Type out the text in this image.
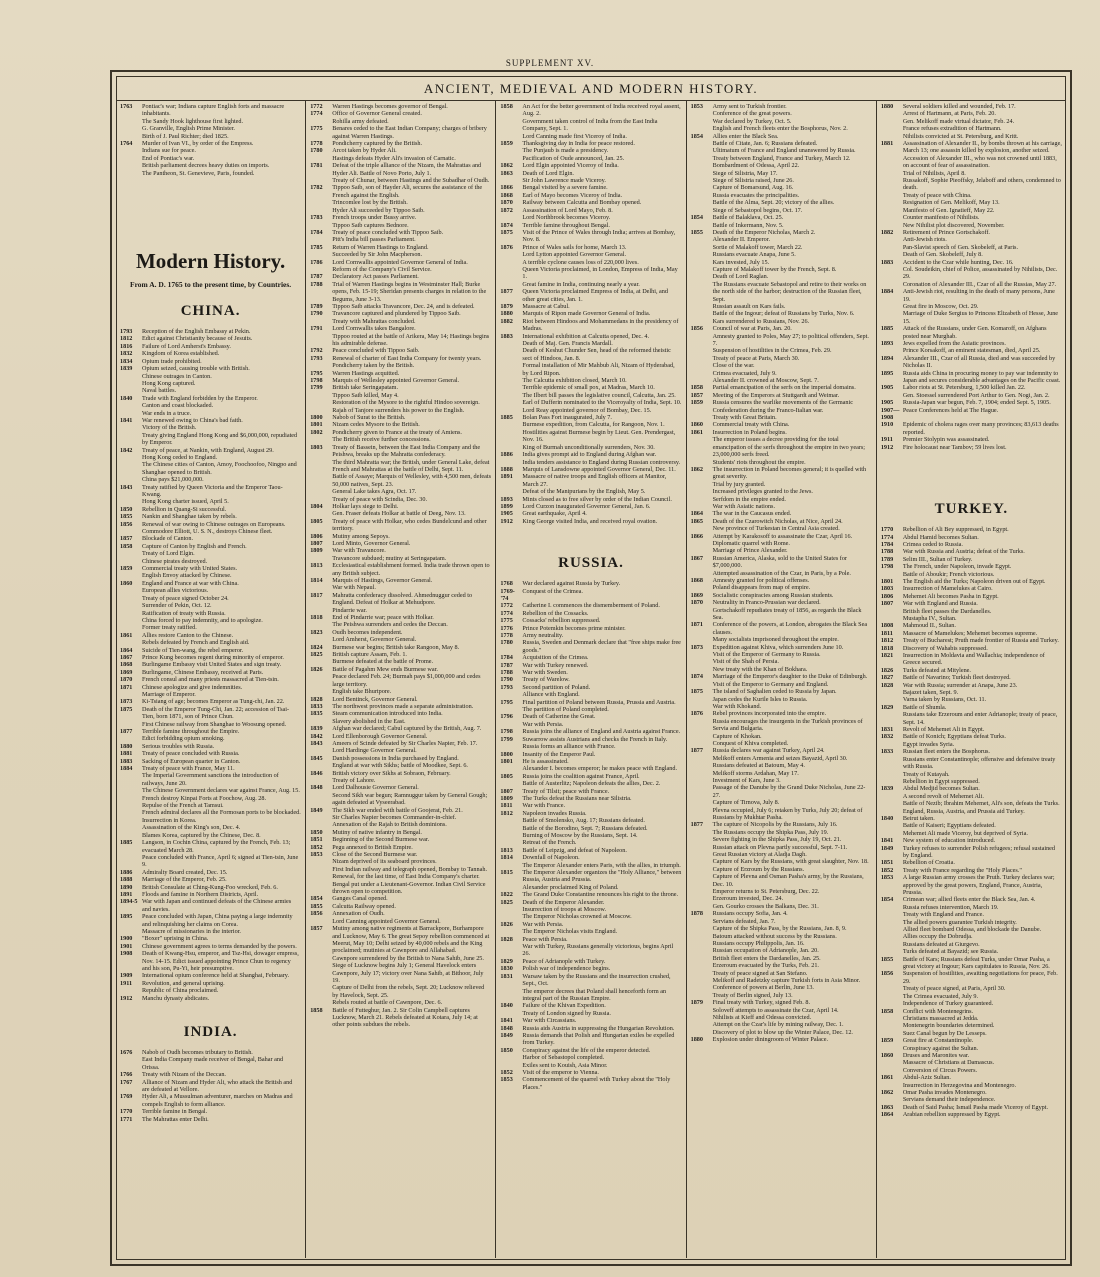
SUPPLEMENT XV.
ANCIENT, MEDIEVAL AND MODERN HISTORY.
1763	Pontiac's war; Indians capture English forts and massacre inhabitants.
The Sandy Hook lighthouse first lighted.
G. Granville, English Prime Minister.
Birth of J. Paul Richter; died 1825.
1764	Murder of Ivan VI., by order of the Empress.
Indians sue for peace.
End of Pontiac's war.
British parliament decrees heavy duties on imports.
The Pantheon, St. Genevieve, Paris, founded.
Modern History.
From A. D. 1765 to the present time, by Countries.
CHINA.
1793	Reception of the English Embassy at Pekin.
1812	Edict against Christianity because of Jesuits.
1816	Failure of Lord Amherst's Embassy.
1832	Kingdom of Korea established.
1834	Opium trade prohibited.
1839	Opium seized, causing trouble with British.
Chinese outrages in Canton.
Hong Kong captured.
Naval battles.
1840	Trade with England forbidden by the Emperor.
Canton and coast blockaded.
War ends in a truce.
1841	War renewed owing to China's bad faith.
Victory of the British.
Treaty giving England Hong Kong and $6,000,000, repudiated by Emperor.
1842	Treaty of peace, at Nankin, with England, August 29.
Hong Kong ceded to England.
The Chinese cities of Canton, Amoy, Foochoofoo, Ningpo and Shanghae opened to British.
China pays $21,000,000.
1843	Treaty ratified by Queen Victoria and the Emperor Taou-Kwang.
Hong Kong charter issued, April 5.
1850	Rebellion in Quang-Si successful.
1855	Nankin and Shanghae taken by rebels.
1856	Renewal of war owing to Chinese outrages on Europeans.
Commodore Elliott, U. S. N., destroys Chinese fleet.
1857	Blockade of Canton.
1858	Capture of Canton by English and French.
Treaty of Lord Elgin.
Chinese pirates destroyed.
1859	Commercial treaty with United States.
English Envoy attacked by Chinese.
1860	England and France at war with China.
European allies victorious.
Treaty of peace signed October 24.
Surrender of Pekin, Oct. 12.
Ratification of treaty with Russia.
China forced to pay indemnity, and to apologize.
Former treaty ratified.
1861	Allies restore Canton to the Chinese.
Rebels defeated by French and English aid.
1864	Suicide of Tien-wang, the rebel emperor.
1867	Prince Kung becomes regent during minority of emperor.
1868	Burlingame Embassy visit United States and sign treaty.
1869	Burlingame, Chinese Embassy, received at Paris.
1870	French consul and many priests massacred at Tien-tsin.
1871	Chinese apologize and give indemnities.
Marriage of Emperor.
1873	Ki-Tsiang of age; becomes Emperor as Tung-chi, Jan. 22.
1875	Death of the Emperor Tung-Chi, Jan. 22; accession of Tsai-Tien, born 1871, son of Prince Chun.
First Chinese railway from Shanghae to Woosung opened.
1877	Terrible famine throughout the Empire.
Edict forbidding opium smoking.
1880	Serious troubles with Russia.
1881	Treaty of peace concluded with Russia.
1883	Sacking of European quarter in Canton.
1884	Treaty of peace with France, May 11.
The Imperial Government sanctions the introduction of railways, June 20.
The Chinese Government declares war against France, Aug. 15.
French destroy Kinpai Forts at Foochow, Aug. 28.
Repulse of the French at Tamsui.
French admiral declares all the Formosan ports to be blockaded.
Insurrection in Korea.
Assassination of the King's son, Dec. 4.
Blames Korea, captured by the Chinese, Dec. 8.
1885	Langson, in Cochin China, captured by the French, Feb. 13; evacuated March 28.
Peace concluded with France, April 6; signed at Tien-tsin, June 9.
1886	Admiralty Board created, Dec. 15.
1888	Marriage of the Emperor, Feb. 25.
1890	British Consulate at Ching-Kung-Foo wrecked, Feb. 6.
1891	Floods and famine in Northern Districts, April.
1894-5 War with Japan and continued defeats of the Chinese armies and navies.
1895	Peace concluded with Japan, China paying a large indemnity and relinquishing her claims on Corea.
Massacre of missionaries in the interior.
1900	"Boxer" uprising in China.
1901	Chinese government agrees to terms demanded by the powers.
1908	Death of Kwang-Hsu, emperor, and Tsz-Hsi, dowager empress, Nov. 14-15. Edict issued appointing Prince Chun to regency and his son, Pu-Yi, heir presumptive.
1909	International opium conference held at Shanghai, February.
1911	Revolution, and general uprising.
Republic of China proclaimed.
1912	Manchu dynasty abdicates.
INDIA.
1676	Nabob of Oudh becomes tributary to British.
East India Company made receiver of Bengal, Bahar and Orissa.
1766	Treaty with Nizam of the Deccan.
1767	Alliance of Nizam and Hyder Ali, who attack the British and are defeated at Vellore.
1769	Hyder Ali, a Mussulman adventurer, marches on Madras and compels English to form alliance.
1770	Terrible famine in Bengal.
1771	The Mahrattas enter Delhi.
1772	Warren Hastings becomes governor of Bengal.
1774	Office of Governor General created.
Rohilla army defeated.
1775	Benares ceded to the East Indian Company; charges of bribery against Warren Hastings.
1778	Pondicherry captured by the British.
1780	Arcot taken by Hyder Ali.
Hastings defeats Hyder Ali's invasion of Carnatic.
1781	Defeat of the triple alliance of the Nizam, the Mahrattas and Hyder Ali. Battle of Novo Porto, July 1.
Treaty of Chunar, between Hastings and the Subadhar of Oudh.
1782	Tippoo Saib, son of Hayder Ali, secures the assistance of the French against the English.
Trincomlee lost by the British.
Hyder Ali succeeded by Tippoo Saib.
1783	French troops under Bussy arrive.
Tippoo Saib captures Bednore.
1784	Treaty of peace concluded with Tippoo Saib.
Pitt's India bill passes Parliament.
1785	Return of Warren Hastings to England.
Succeeded by Sir John Macpherson.
1786	Lord Cornwallis appointed Governor General of India.
Reform of the Company's Civil Service.
1787	Declaratory Act passes Parliament.
1788	Trial of Warren Hastings begins in Westminster Hall; Burke opens, Feb. 15-19; Sheridan presents charges in relation to the Begums, June 3-13.
1789	Tippoo Saib attacks Travancore, Dec. 24, and is defeated.
1790	Travancore captured and plundered by Tippoo Saib.
Treaty with Mahrattas concluded.
1791	Lord Cornwallis takes Bangalore.
Tippoo routed at the battle of Arikera, May 14; Hastings begins his admirable defense.
1792	Peace concluded with Tippoo Saib.
1793	Renewal of charter of East India Company for twenty years.
Pondicherry taken by the British.
1795	Warren Hastings acquitted.
1798	Marquis of Wellesley appointed Governor General.
1799	British take Seringapatam.
Tippoo Saib killed, May 4.
Restoration of the Mysore to the rightful Hindoo sovereign.
Rajah of Tanjore surrenders his power to the English.
1800	Nabob of Surat to the British.
1801	Nizam cedes Mysore to the British.
1802	Pondicherry given to France at the treaty of Amiens.
The British receive further concessions.
1803	Treaty of Bassein, between the East India Company and the Peishwa, breaks up the Mahratta confederacy.
The third Mahratta war; the British, under General Lake, defeat French and Mahrattas at the battle of Delhi, Sept. 11.
Battle of Assaye; Marquis of Wellesley, with 4,500 men, defeats 50,000 natives, Sept. 23.
General Lake takes Agra, Oct. 17.
Treaty of peace with Scindia, Dec. 30.
1804	Holkar lays siege to Delhi.
Gen. Fraser defeats Holkar at battle of Deeg, Nov. 13.
1805	Treaty of peace with Holkar, who cedes Bundelcund and other territory.
1806	Mutiny among Sepoys.
1807	Lord Minto, Governor General.
1809	War with Travancore.
Travancore subdued; mutiny at Seringapatam.
1813	Ecclesiastical establishment formed. India trade thrown open to any British subject.
1814	Marquis of Hastings, Governor General.
War with Nepaul.
1817	Mahratta confederacy dissolved. Ahmednuggur ceded to England. Defeat of Holkar at Mehudpore.
Pindarrie war.
1818	End of Pindarrie war; peace with Holkar.
The Peishwa surrenders and cedes the Deccan.
1823	Oudh becomes independent.
Lord Amherst, Governor General.
1824	Burmese war begins; British take Rangoon, May 8.
1825	British capture Assam, Feb. 1.
Burmese defeated at the battle of Prome.
1826	Battle of Pagahm Mew ends Burmese war.
Peace declared Feb. 24; Burmah pays $1,000,000 and cedes large territory.
English take Bhurtpore.
1828	Lord Bentinck, Governor General.
1833	The northwest provinces made a separate administration.
1835	Steam communication introduced into India.
Slavery abolished in the East.
1839	Afghan war declared; Cabul captured by the British, Aug. 7.
1842	Lord Ellenborough Governor General.
1843	Ameers of Scinde defeated by Sir Charles Napier, Feb. 17.
Lord Hardinge Governor General.
1845	Danish possessions in India purchased by England.
England at war with Sikhs; battle of Moodkee, Sept. 6.
1846	British victory over Sikhs at Sobraon, February.
Treaty of Lahore.
1848	Lord Dalhousie Governor General.
Second Sikh war begun; Ramnuggur taken by General Gough; again defeated at Vyseerabad.
1849	The Sikh war ended with battle of Goojerat, Feb. 21.
Sir Charles Napier becomes Commander-in-chief.
Annexation of the Rajah to British dominions.
1850	Mutiny of native infantry in Bengal.
1851	Beginning of the Second Burmese war.
1852	Pegu annexed to British Empire.
1853	Close of the Second Burmese war.
Nizam deprived of its seaboard provinces.
First Indian railway and telegraph opened, Bombay to Tannah.
Renewal, for the last time, of East India Company's charter.
Bengal put under a Lieutenant-Governor. Indian Civil Service thrown open to competition.
1854	Ganges Canal opened.
1855	Calcutta Railway opened.
1856	Annexation of Oudh.
Lord Canning appointed Governor General.
1857	Mutiny among native regiments at Barrackpore, Burhampore and Lucknow, May 6. The great Sepoy rebellion commenced at Meerut, May 10; Delhi seized by 40,000 rebels and the King proclaimed; mutinies at Cawnpore and Allahabad.
Cawnpore surrendered by the British to Nana Sahib, June 25.
Siege of Lucknow begins July 1; General Havelock enters Cawnpore, July 17; victory over Nana Sahib, at Bithoor, July 19.
Capture of Delhi from the rebels, Sept. 20; Lucknow relieved by Havelock, Sept. 25.
Rebels routed at battle of Cawnpore, Dec. 6.
1858	Battle of Futteghur, Jan. 2. Sir Colin Campbell captures Lucknow, March 21. Rebels defeated at Kotara, July 14; at other points subdues the rebels.
1858	An Act for the better government of India received royal assent, Aug. 2.
Government taken control of India from the East India Company, Sept. 1.
Lord Canning made first Viceroy of India.
1859	Thanksgiving day in India for peace restored.
The Punjaub is made a presidency.
Pacification of Oude announced, Jan. 25.
1862	Lord Elgin appointed Viceroy of India.
1863	Death of Lord Elgin.
Sir John Lawrence made Viceroy.
1866	Bengal visited by a severe famine.
1868	Earl of Mayo becomes Viceroy of India.
1870	Railway between Calcutta and Bombay opened.
1872	Assassination of Lord Mayo, Feb. 8.
Lord Northbrook becomes Viceroy.
1874	Terrible famine throughout Bengal.
1875	Visit of the Prince of Wales through India; arrives at Bombay, Nov. 8.
1876	Prince of Wales sails for home, March 13.
Lord Lytton appointed Governor General.
A terrible cyclone causes loss of 220,000 lives.
Queen Victoria proclaimed, in London, Empress of India, May 1.
Great famine in India, continuing nearly a year.
1877	Queen Victoria proclaimed Empress of India, at Delhi, and other great cities, Jan. 1.
1879	Massacre at Cabul.
1880	Marquis of Ripon made Governor General of India.
1882	Riot between Hindoos and Mohammedans in the presidency of Madras.
1883	International exhibition at Calcutta opened, Dec. 4.
Death of Maj. Gen. Francis Mardall.
Death of Keshut Chunder Sen, head of the reformed theistic sect of Hindoos, Jan. 8.
Formal installation of Mir Mahbub Ali, Nizam of Hyderabad, by Lord Ripon.
The Calcutta exhibition closed, March 10.
Terrible epidemic of small pox, at Madras, March 10.
The Ilbert bill passes the legislative council, Calcutta, Jan. 25.
Earl of Dufferin nominated to the Viceroyalty of India, Sept. 10.
Lord Reay appointed governor of Bombay, Dec. 15.
1885	Bolan Pass Fort inaugurated, July 7.
Burmese expedition, from Calcutta, for Rangoon, Nov. 1.
Hostilities against Burmese begin by Lieut. Gen. Prendergast, Nov. 16.
King of Burmah unconditionally surrenders, Nov. 30.
1886	India gives prompt aid to England during Afghan war.
India tenders assistance to England during Russian controversy.
1888	Marquis of Lansdowne appointed Governor General, Dec. 11.
1891	Massacre of native troops and English officers at Manitor, March 27.
Defeat of the Manipurians by the English, May 5.
1893	Mints closed as to free silver by order of the Indian Council.
1899	Lord Curzon inaugurated Governor General, Jan. 6.
1905	Great earthquake, April 4.
1912	King George visited India, and received royal ovation.
RUSSIA.
1768	War declared against Russia by Turkey.
1769-'74
Conquest of the Crimea.
1772	Catherine I. commences the dismemberment of Poland.
1774	Rebellion of the Cossacks.
1775	Cossacks' rebellion suppressed.
1776	Prince Potemkin becomes prime minister.
1778	Army neutrality.
1780	Russia, Sweden and Denmark declare that "free ships make free goods."
1784	Acquisition of the Crimea.
1787	War with Turkey renewed.
1788	War with Sweden.
1790	Treaty of Warelow.
1793	Second partition of Poland.
Alliance with England.
1795	Final partition of Poland between Russia, Prussia and Austria.
The partition of Poland completed.
1796	Death of Catherine the Great.
War with Persia.
1798	Russia joins the alliance of England and Austria against France.
1799	Suwarrow assists Austrians and checks the French in Italy.
Russia forms an alliance with France.
1800	Insanity of the Emperor Paul.
1801	He is assassinated.
Alexander I. becomes emperor; he makes peace with England.
1805	Russia joins the coalition against France, April.
Battle of Austerlitz; Napoleon defeats the allies, Dec. 2.
1807	Treaty of Tilsit; peace with France.
1809	The Turks defeat the Russians near Silistria.
1811	War with France.
1812	Napoleon invades Russia.
Battle of Smolensko, Aug. 17; Russians defeated.
Battle of the Borodino, Sept. 7; Russians defeated.
Burning of Moscow by the Russians, Sept. 14.
Retreat of the French.
1813	Battle of Leipzig, and defeat of Napoleon.
1814	Downfall of Napoleon.
The Emperor Alexander enters Paris, with the allies, in triumph.
1815	The Emperor Alexander organizes the "Holy Alliance," between Russia, Austria and Prussia.
Alexander proclaimed King of Poland.
1822	The Grand Duke Constantine renounces his right to the throne.
1825	Death of the Emperor Alexander.
Insurrection of troops at Moscow.
The Emperor Nicholas crowned at Moscow.
1826	War with Persia.
The Emperor Nicholas visits England.
1828	Peace with Persia.
War with Turkey, Russians generally victorious, begins April 26.
1829	Peace of Adrianople with Turkey.
1830	Polish war of independence begins.
1831	Warsaw taken by the Russians and the insurrection crushed, Sept., Oct.
The emperor decrees that Poland shall henceforth form an integral part of the Russian Empire.
1840	Failure of the Khivan Expedition.
Treaty of London signed by Russia.
1841	War with Circassians.
1848	Russia aids Austria in suppressing the Hungarian Revolution.
1849	Russia demands that Polish and Hungarian exiles be expelled from Turkey.
1850	Conspiracy against the life of the emperor detected.
Harbor of Sebastopol completed.
Exiles sent to Kouish, Asia Minor.
1852	Visit of the emperor to Vienna.
1853	Commencement of the quarrel with Turkey about the "Holy Places."
1853	Army sent to Turkish frontier.
Conference of the great powers.
War declared by Turkey, Oct. 5.
English and French fleets enter the Bosphorus, Nov. 2.
1854	Allies enter the Black Sea.
Battle of Citate, Jan. 6; Russians defeated.
Ultimatum of France and England unanswered by Russia.
Treaty between England, France and Turkey, March 12.
Bombardment of Odessa, April 22.
Siege of Silistria, May 17.
Siege of Silistria raised, June 26.
Capture of Bomarsund, Aug. 16.
Russia evacuates the principalities.
Battle of the Alma, Sept. 20; victory of the allies.
Siege of Sebastopol begins, Oct. 17.
1854	Battle of Balaklava, Oct. 25.
Battle of Inkermann, Nov. 5.
1855	Death of the Emperor Nicholas, March 2.
Alexander II. Emperor.
Sortie of Malakoff tower, March 22.
Russians evacuate Anapa, June 5.
Kars invested, July 15.
Capture of Malakoff tower by the French, Sept. 8.
Death of Lord Raglan.
The Russians evacuate Sebastopol and retire to their works on the north side of the harbor; destruction of the Russian fleet, Sept.
Russian assault on Kars fails.
Battle of the Ingour; defeat of Russians by Turks, Nov. 6.
Kars surrendered to Russians, Nov. 26.
1856	Council of war at Paris, Jan. 20.
Amnesty granted to Poles, May 27; to political offenders, Sept. 7.
Suspension of hostilities in the Crimea, Feb. 29.
Treaty of peace at Paris, March 30.
Close of the war.
Crimea evacuated, July 9.
Alexander II. crowned at Moscow, Sept. 7.
1858	Partial emancipation of the serfs on the imperial domains.
1857	Meeting of the Emperors at Stuttgardt and Weimar.
1859	Russia censures the warlike movements of the Germanic Confederation during the Franco-Italian war.
Treaty with Great Britain.
1860	Commercial treaty with China.
1861	Insurrection in Poland begins.
The emperor issues a decree providing for the total emancipation of the serfs throughout the empire in two years; 23,000,000 serfs freed.
Students' riots throughout the empire.
1862	The insurrection in Poland becomes general; it is quelled with great severity.
Trial by jury granted.
Increased privileges granted to the Jews.
Serfdom in the empire ended.
War with Asiatic nations.
1864	The war in the Caucasus ended.
1865	Death of the Czarowitch Nicholas, at Nice, April 24.
New province of Turkestan in Central Asia created.
1866	Attempt by Karakosoff to assassinate the Czar, April 16.
Diplomatic quarrel with Rome.
Marriage of Prince Alexander.
1867	Russian America, Alaska, sold to the United States for $7,000,000.
Attempted assassination of the Czar, in Paris, by a Pole.
1868	Amnesty granted for political offenses.
Poland disappears from map of empire.
1869	Socialistic conspiracies among Russian students.
1870	Neutrality in Franco-Prussian war declared.
Gortschakoff repudiates treaty of 1856, as regards the Black Sea.
1871	Conference of the powers, at London, abrogates the Black Sea clauses.
Many socialists imprisoned throughout the empire.
1873	Expedition against Khiva, which surrenders June 10.
Visit of the Emperor of Germany to Russia.
Visit of the Shah of Persia.
New treaty with the Khan of Bokhara.
1874	Marriage of the Emperor's daughter to the Duke of Edinburgh.
Visit of the Emperor to Germany and England.
1875	The island of Saghalien ceded to Russia by Japan.
Japan cedes the Kurile Isles to Russia.
War with Khokand.
1876	Rebel provinces incorporated into the empire.
Russia encourages the insurgents in the Turkish provinces of Servia and Bulgaria.
Capture of Khokan.
Conquest of Khiva completed.
1877	Russia declares war against Turkey, April 24.
Melikoff enters Armenia and seizes Bayazid, April 30.
Russians defeated at Batoum, May 4.
Melikoff storms Ardahan, May 17.
Investment of Kars, June 3.
Passage of the Danube by the Grand Duke Nicholas, June 22-27.
Capture of Tirnova, July 8.
Plevna occupied, July 6; retaken by Turks, July 20; defeat of Russians by Mukhtar Pasha.
1877	The capture of Nicopolis by the Russians, July 16.
The Russians occupy the Shipka Pass, July 19.
Severe fighting in the Shipka Pass, July 19, Oct. 21.
Russian attack on Plevna partly successful, Sept. 7-11.
Great Russian victory at Aladja Dagh.
Capture of Kars by the Russians, with great slaughter, Nov. 18.
Capture of Erzroum by the Russians.
Capture of Plevna and Osman Pasha's army, by the Russians, Dec. 10.
Emperor returns to St. Petersburg, Dec. 22.
Erzeroum invested, Dec. 24.
Gen. Gourko crosses the Balkans, Dec. 31.
1878	Russians occupy Sofia, Jan. 4.
Servians defeated, Jan. 7.
Capture of the Shipka Pass, by the Russians, Jan. 8, 9.
Batoum attacked without success by the Russians.
Russians occupy Philippolis, Jan. 16.
Russian occupation of Adrianople, Jan. 20.
British fleet enters the Dardanelles, Jan. 25.
Erzeroum evacuated by the Turks, Feb. 21.
Treaty of peace signed at San Stefano.
Melikoff and Radetzky capture Turkish forts in Asia Minor.
Conference of powers at Berlin, June 13.
Treaty of Berlin signed, July 13.
1879	Final treaty with Turkey, signed Feb. 8.
Soloveff attempts to assassinate the Czar, April 14.
Nihilists at Kieff and Odessa convicted.
Attempt on the Czar's life by mining railway, Dec. 1.
Discovery of plot to blow up the Winter Palace, Dec. 12.
1880	Explosion under diningroom of Winter Palace.
1880	Several soldiers killed and wounded, Feb. 17.
Arrest of Hartmann, at Paris, Feb. 20.
Gen. Melikoff made virtual dictator, Feb. 24.
France refuses extradition of Hartmann.
Nihilists convicted at St. Petersburg, and Kritt.
1881	Assassination of Alexander II., by bombs thrown at his carriage, March 13; one assassin killed by explosion, another seized.
Accession of Alexander III., who was not crowned until 1883, on account of fear of assassination.
Trial of Nihilists, April 8.
Russakoff, Sophie Pieoffsky, Jelaboff and others, condemned to death.
Treaty of peace with China.
Resignation of Gen. Melikoff, May 13.
Manifesto of Gen. Ignatieff, May 22.
Counter manifesto of Nihilists.
New Nihilist plot discovered, November.
1882	Retirement of Prince Gortschakoff.
Anti-Jewish riots.
Pan-Slavist speech of Gen. Skobeleff, at Paris.
Death of Gen. Skobeleff, July 8.
1883	Accident to the Czar while hunting, Dec. 16.
Col. Soudeikin, chief of Police, assassinated by Nihilists, Dec. 29.
Coronation of Alexander III., Czar of all the Russias, May 27.
1884	Anti-Jewish riot, resulting in the death of many persons, June 19.
Great fire in Moscow, Oct. 29.
Marriage of Duke Sergius to Princess Elizabeth of Hesse, June 15.
1885	Attack of the Russians, under Gen. Komaroff, on Afghans posted near Murghab.
1893	Jews expelled from the Asiatic provinces.
Prince Korsakoff, an eminent statesman, died, April 25.
1894	Alexander III., Czar of all Russia, died and was succeeded by Nicholas II.
1895	Russia aids China in procuring money to pay war indemnity to Japan and secures considerable advantages on the Pacific coast.
1905	Labor riots at St. Petersburg, 1,500 killed Jan. 22.
Gen. Stoessel surrendered Port Arthur to Gen. Nogi, Jan. 2.
1905	Russia-Japan war begun, Feb. 7, 1904; ended Sept. 5, 1905.
1907—1908
Peace Conferences held at The Hague.
1910	Epidemic of cholera rages over many provinces; 83,613 deaths reported.
1911	Premier Stolypin was assassinated.
1912	Fire holocaust near Tambov; 59 lives lost.
TURKEY.
1770	Rebellion of Ali Bey suppressed, in Egypt.
1774	Abdul Hamid becomes Sultan.
1784	Crimea ceded to Russia.
1788	War with Russia and Austria; defeat of the Turks.
1789	Selim III., Sultan of Turkey.
1798	The French, under Napoleon, invade Egypt.
Battle of Aboukir; French victorious.
1801	The English aid the Turks; Napoleon driven out of Egypt.
1803	Insurrection of Mamelukes at Cairo.
1806	Mehemet Ali becomes Pasha in Egypt.
1807	War with England and Russia.
British fleet passes the Dardanelles.
Mustapha IV., Sultan.
1808	Mahmoud II., Sultan.
1811	Massacre of Mamelukes; Mehemet becomes supreme.
1812	Treaty of Bucharest; Pruth made frontier of Russia and Turkey.
1818	Discovery of Wahabis suppressed.
1821	Insurrection in Moldavia and Wallachia; independence of Greece secured.
1826	Turks defeated at Mitylene.
1827	Battle of Navarino; Turkish fleet destroyed.
1828	War with Russia; surrender at Anapa, June 23.
Bajazet taken, Sept. 9.
Varna taken by Russians, Oct. 11.
1829	Battle of Shumla.
Russians take Erzeroum and enter Adrianople; treaty of peace, Sept. 14.
1831	Revolt of Mehemet Ali in Egypt.
1832	Battle of Konich; Egyptians defeat Turks.
Egypt invades Syria.
1833	Russian fleet enters the Bosphorus.
Russians enter Constantinople; offensive and defensive treaty with Russia.
Treaty of Kutayah.
Rebellion in Egypt suppressed.
1839	Abdul Medjid becomes Sultan.
A second revolt of Mehemet Ali.
Battle of Nezib; Ibrahim Mehemet, Ali's son, defeats the Turks.
England, Russia, Austria, and Prussia aid Turkey.
1840	Beirut taken.
Battle of Kaiseri; Egyptians defeated.
Mehemet Ali made Viceroy, but deprived of Syria.
1841	New system of education introduced.
1849	Turkey refuses to surrender Polish refugees; refusal sustained by England.
1851	Rebellion of Croatia.
1852	Treaty with France regarding the "Holy Places."
1853	A large Russian army crosses the Pruth. Turkey declares war; approved by the great powers, England, France, Austria, Prussia.
1854	Crimean war; allied fleets enter the Black Sea, Jan. 4.
Russia refuses intervention, March 19.
Treaty with England and France.
The allied powers guarantee Turkish integrity.
Allied fleet bombard Odessa, and blockade the Danube.
Allies occupy the Dobrudja.
Russians defeated at Giurgevo.
Turks defeated at Bayazid; see Russia.
1855	Battle of Kars; Russians defeat Turks, under Omar Pasha, a great victory at Ingour; Kars capitulates to Russia, Nov. 26.
1856	Suspension of hostilities, awaiting negotiations for peace, Feb. 29.
Treaty of peace signed, at Paris, April 30.
The Crimea evacuated, July 9.
Independence of Turkey guaranteed.
1858	Conflict with Montenegrins.
Christians massacred at Jedda.
Montenegrin boundaries determined.
Suez Canal begun by De Lesseps.
1859	Great fire at Constantinople.
Conspiracy against the Sultan.
1860	Druses and Maronites war.
Massacre of Christians at Damascus.
Conversion of Circus Powers.
1861	Abdul-Aziz Sultan.
Insurrection in Herzegovina and Montenegro.
1862	Omar Pasha invades Montenegro.
Servians demand their independence.
1863	Death of Said Pasha; Ismail Pasha made Viceroy of Egypt.
1864	Arabian rebellion suppressed by Egypt.
